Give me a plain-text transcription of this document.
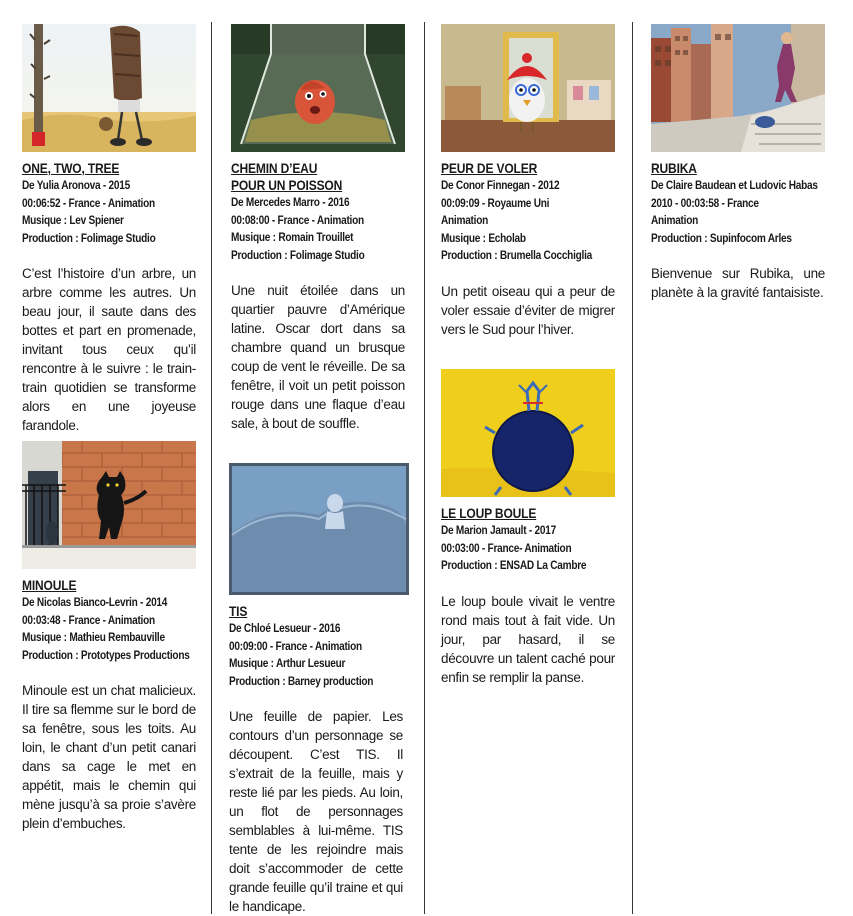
ONE, TWO, TREE
De Yulia Aronova - 2015
00:06:52 - France - Animation
Musique : Lev Spiener
Production : Folimage Studio
C’est l’histoire d’un arbre, un arbre comme les autres. Un beau jour, il saute dans des bottes et part en promenade, invitant tous ceux qu’il rencontre à le suivre : le train-train quotidien se transforme alors en une joyeuse farandole.
MINOULE
De Nicolas Bianco-Levrin - 2014
00:03:48 - France - Animation
Musique : Mathieu Rembauville
Production : Prototypes Productions
Minoule est un chat malicieux. Il tire sa flemme sur le bord de sa fenêtre, sous les toits. Au loin, le chant d’un petit canari dans sa cage le met en appétit, mais le chemin qui mène jusqu’à sa proie s’avère plein d’embuches.
CHEMIN D’EAU
POUR UN POISSON
De Mercedes Marro - 2016
00:08:00 - France - Animation
Musique : Romain Trouillet
Production : Folimage Studio
Une nuit étoilée dans un quartier pauvre d’Amérique latine. Oscar dort dans sa chambre quand un brusque coup de vent le réveille. De sa fenêtre, il voit un petit poisson rouge dans une flaque d’eau sale, à bout de souffle.
TIS
De Chloé Lesueur - 2016
00:09:00 - France - Animation
Musique : Arthur Lesueur
Production : Barney production
Une feuille de papier. Les contours d’un personnage se découpent. C’est TIS. Il s’extrait de la feuille, mais y reste lié par les pieds. Au loin, un flot de personnages semblables à lui-même. TIS tente de les rejoindre mais doit s’accommoder de cette grande feuille qu’il traine et qui le handicape.
PEUR DE VOLER
De Conor Finnegan - 2012
00:09:09 - Royaume Uni
Animation
Musique : Echolab
Production : Brumella Cocchiglia
Un petit oiseau qui a peur de voler essaie d’éviter de migrer vers le Sud pour l’hiver.
LE LOUP BOULE
De Marion Jamault - 2017
00:03:00 - France- Animation
Production : ENSAD La Cambre
Le loup boule vivait le ventre rond mais tout à fait vide. Un jour, par hasard, il se découvre un talent caché pour enfin se remplir la panse.
RUBIKA
De Claire Baudean et Ludovic Habas
2010 - 00:03:58 - France
Animation
Production : Supinfocom Arles
Bienvenue sur Rubika, une planète à la gravité fantaisiste.
